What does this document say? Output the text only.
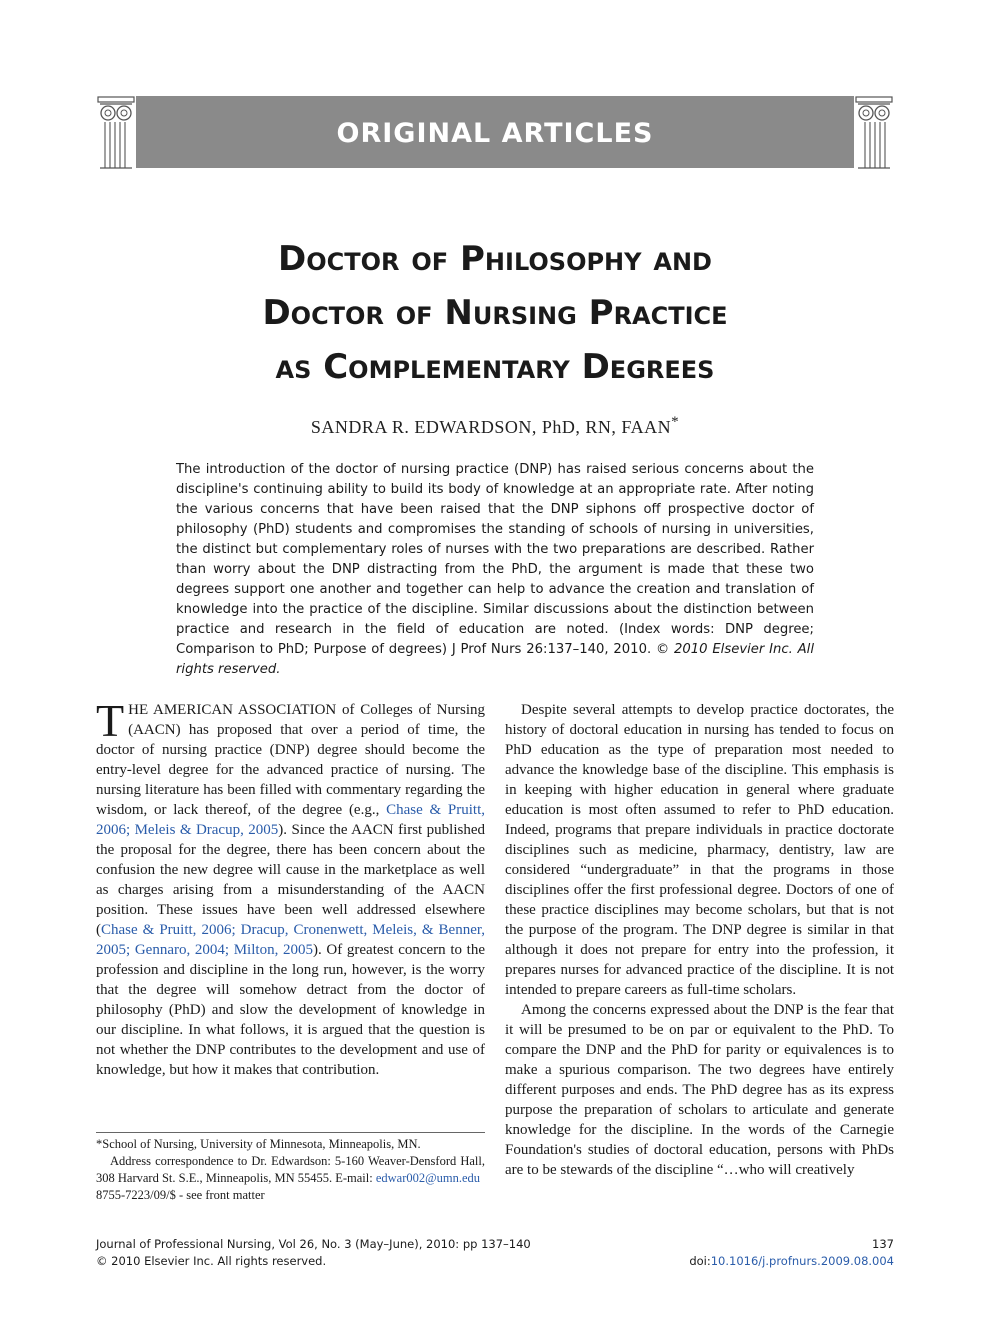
ORIGINAL ARTICLES
Doctor of Philosophy and
Doctor of Nursing Practice
as Complementary Degrees
SANDRA R. EDWARDSON, PhD, RN, FAAN*
The introduction of the doctor of nursing practice (DNP) has raised serious concerns about the discipline's continuing ability to build its body of knowledge at an appropriate rate. After noting the various concerns that have been raised that the DNP siphons off prospective doctor of philosophy (PhD) students and compromises the standing of schools of nursing in universities, the distinct but complementary roles of nurses with the two preparations are described. Rather than worry about the DNP distracting from the PhD, the argument is made that these two degrees support one another and together can help to advance the creation and translation of knowledge into the practice of the discipline. Similar discussions about the distinction between practice and research in the field of education are noted. (Index words: DNP degree; Comparison to PhD; Purpose of degrees) J Prof Nurs 26:137–140, 2010. © 2010 Elsevier Inc. All rights reserved.

THE AMERICAN ASSOCIATION of Colleges of Nursing (AACN) has proposed that over a period of time, the doctor of nursing practice (DNP) degree should become the entry-level degree for the advanced practice of nursing. The nursing literature has been filled with commentary regarding the wisdom, or lack thereof, of the degree (e.g., Chase & Pruitt, 2006; Meleis & Dracup, 2005). Since the AACN first published the proposal for the degree, there has been concern about the confusion the new degree will cause in the marketplace as well as charges arising from a misunderstanding of the AACN position. These issues have been well addressed elsewhere (Chase & Pruitt, 2006; Dracup, Cronenwett, Meleis, & Benner, 2005; Gennaro, 2004; Milton, 2005). Of greatest concern to the profession and discipline in the long run, however, is the worry that the degree will somehow detract from the doctor of philosophy (PhD) and slow the development of knowledge in our discipline. In what follows, it is argued that the question is not whether the DNP contributes to the development and use of knowledge, but how it makes that contribution.

Despite several attempts to develop practice doctorates, the history of doctoral education in nursing has tended to focus on PhD education as the type of preparation most needed to advance the knowledge base of the discipline. This emphasis is in keeping with higher education in general where graduate education is most often assumed to refer to PhD education. Indeed, programs that prepare individuals in practice doctorate disciplines such as medicine, pharmacy, dentistry, law are considered “undergraduate” in that the programs in those disciplines offer the first professional degree. Doctors of one of these practice disciplines may become scholars, but that is not the purpose of the program. The DNP degree is similar in that although it does not prepare for entry into the profession, it prepares nurses for advanced practice of the discipline. It is not intended to prepare careers as full-time scholars.

Among the concerns expressed about the DNP is the fear that it will be presumed to be on par or equivalent to the PhD. To compare the DNP and the PhD for parity or equivalences is to make a spurious comparison. The two degrees have entirely different purposes and ends. The PhD degree has as its express purpose the preparation of scholars to articulate and generate knowledge for the discipline. In the words of the Carnegie Foundation's studies of doctoral education, persons with PhDs are to be stewards of the discipline “…who will creatively

*School of Nursing, University of Minnesota, Minneapolis, MN.

Address correspondence to Dr. Edwardson: 5-160 Weaver-Densford Hall, 308 Harvard St. S.E., Minneapolis, MN 55455. E-mail: edwar002@umn.edu

8755-7223/09/$ - see front matter

Journal of Professional Nursing, Vol 26, No. 3 (May–June), 2010: pp 137–140	137
© 2010 Elsevier Inc. All rights reserved.	doi:10.1016/j.profnurs.2009.08.004
